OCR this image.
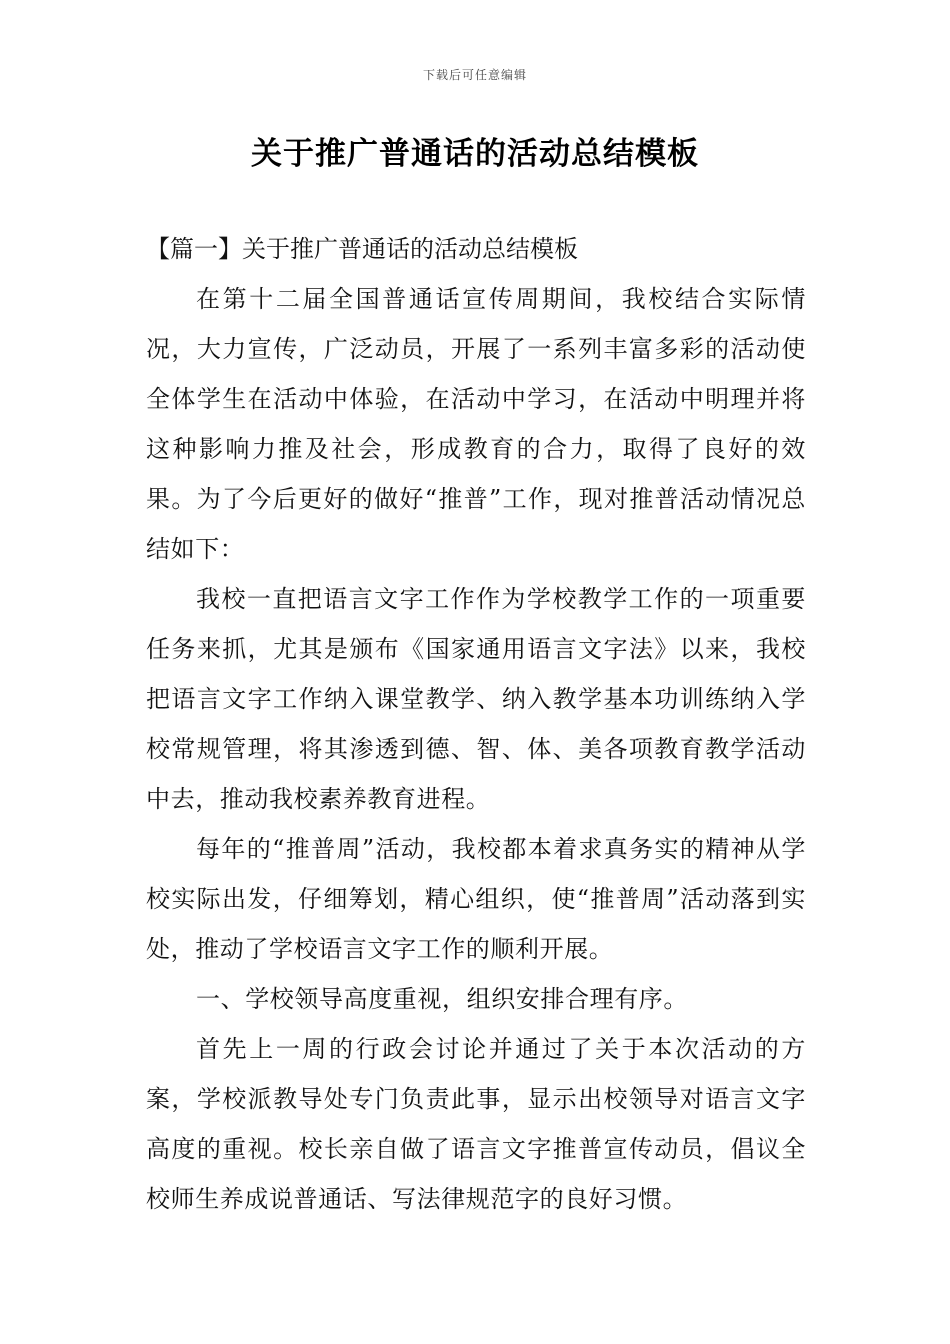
下载后可任意编辑
关于推广普通话的活动总结模板

【篇一】关于推广普通话的活动总结模板

在第十二届全国普通话宣传周期间，我校结合实际情况，大力宣传，广泛动员，开展了一系列丰富多彩的活动使全体学生在活动中体验，在活动中学习，在活动中明理并将这种影响力推及社会，形成教育的合力，取得了良好的效果。为了今后更好的做好“推普”工作，现对推普活动情况总结如下：

我校一直把语言文字工作作为学校教学工作的一项重要任务来抓，尤其是颁布《国家通用语言文字法》以来，我校把语言文字工作纳入课堂教学、纳入教学基本功训练纳入学校常规管理，将其渗透到德、智、体、美各项教育教学活动中去，推动我校素养教育进程。

每年的“推普周”活动，我校都本着求真务实的精神从学校实际出发，仔细筹划，精心组织，使“推普周”活动落到实处，推动了学校语言文字工作的顺利开展。

一、学校领导高度重视，组织安排合理有序。

首先上一周的行政会讨论并通过了关于本次活动的方案，学校派教导处专门负责此事，显示出校领导对语言文字高度的重视。校长亲自做了语言文字推普宣传动员，倡议全校师生养成说普通话、写法律规范字的良好习惯。
